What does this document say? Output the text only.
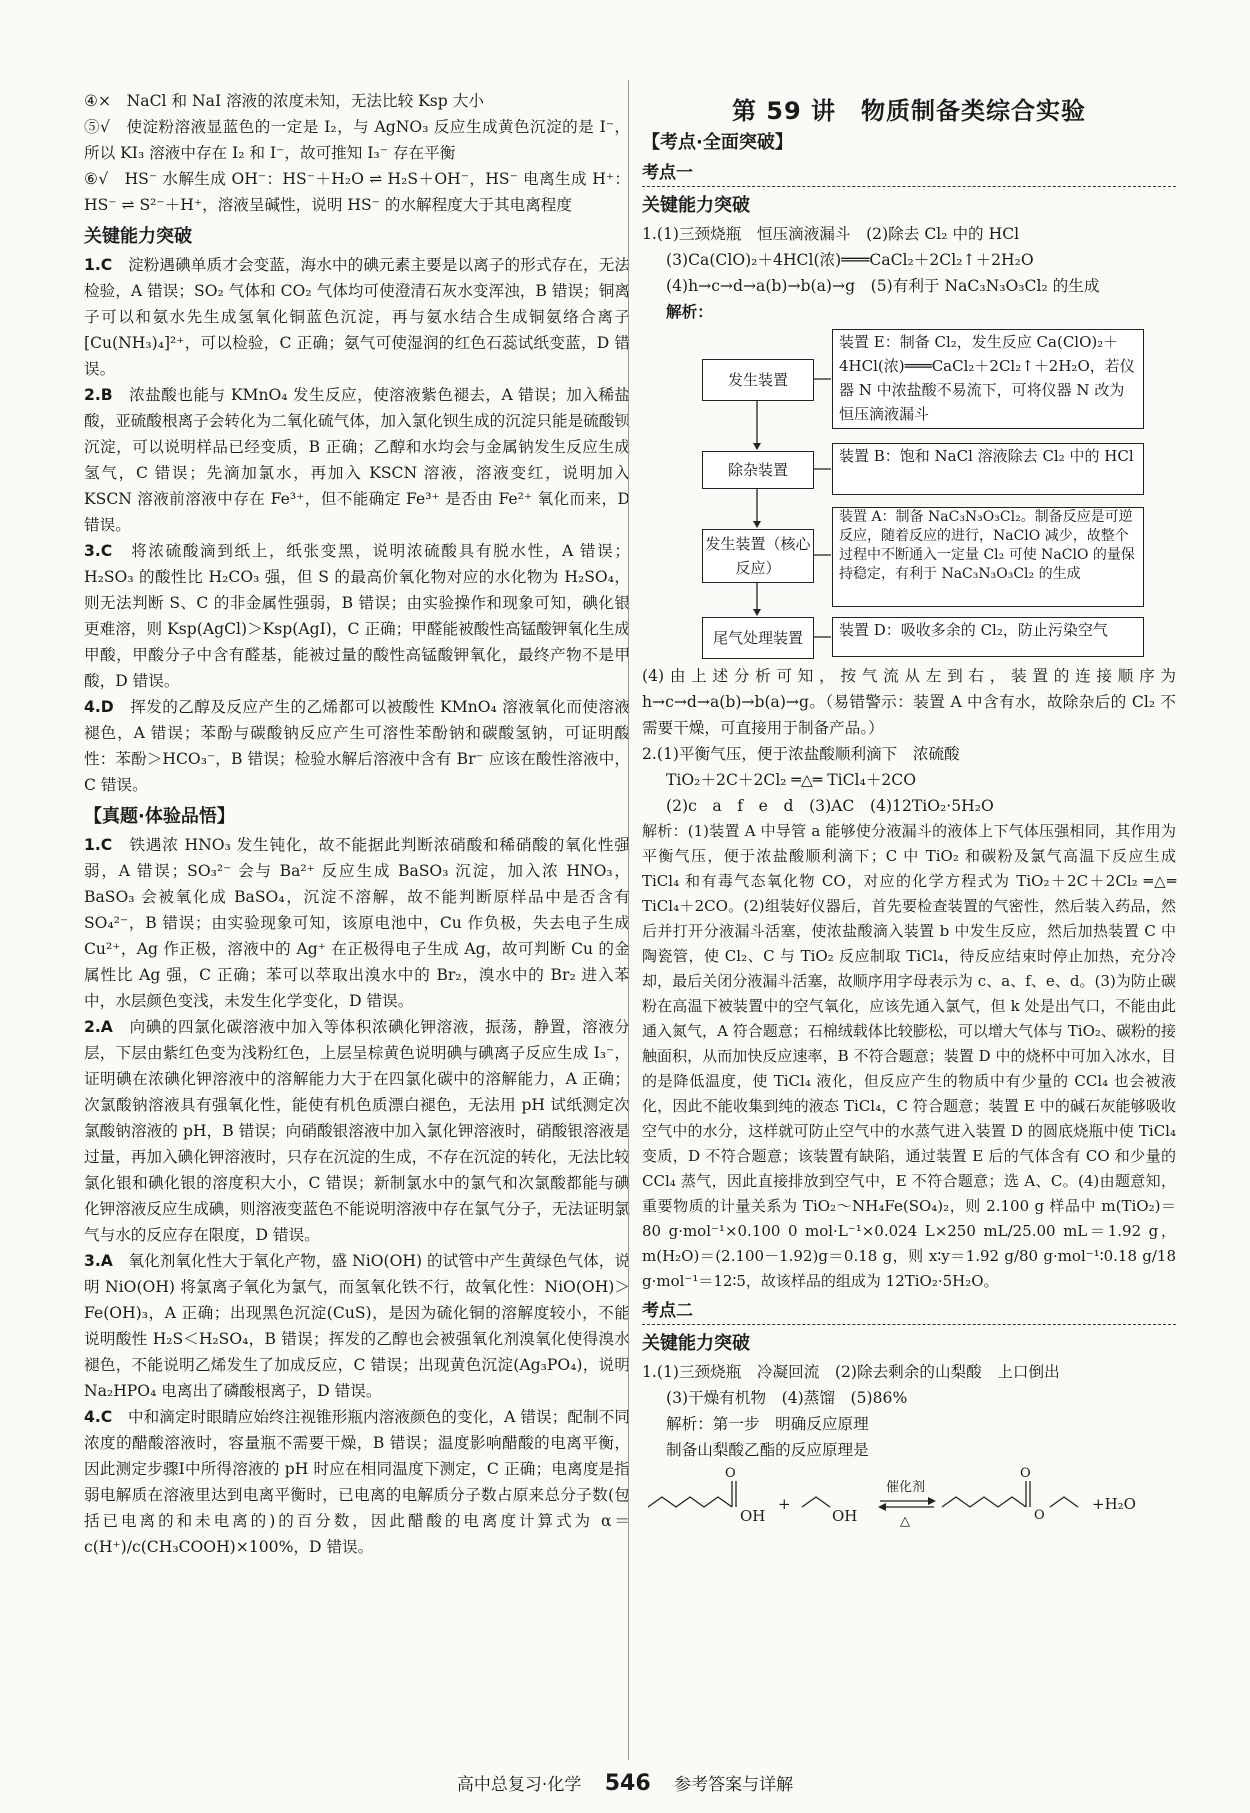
④×　NaCl 和 NaI 溶液的浓度未知，无法比较 Ksp 大小

⑤√　使淀粉溶液显蓝色的一定是 I₂，与 AgNO₃ 反应生成黄色沉淀的是 I⁻，所以 KI₃ 溶液中存在 I₂ 和 I⁻，故可推知 I₃⁻ 存在平衡

⑥√　HS⁻ 水解生成 OH⁻：HS⁻＋H₂O ⇌ H₂S＋OH⁻，HS⁻ 电离生成 H⁺：HS⁻ ⇌ S²⁻＋H⁺，溶液呈碱性，说明 HS⁻ 的水解程度大于其电离程度

关键能力突破

1.C　 淀粉遇碘单质才会变蓝，海水中的碘元素主要是以离子的形式存在，无法检验，A 错误；SO₂ 气体和 CO₂ 气体均可使澄清石灰水变浑浊，B 错误；铜离子可以和氨水先生成氢氧化铜蓝色沉淀，再与氨水结合生成铜氨络合离子[Cu(NH₃)₄]²⁺，可以检验，C 正确；氨气可使湿润的红色石蕊试纸变蓝，D 错误。

2.B　 浓盐酸也能与 KMnO₄ 发生反应，使溶液紫色褪去，A 错误；加入稀盐酸，亚硫酸根离子会转化为二氧化硫气体，加入氯化钡生成的沉淀只能是硫酸钡沉淀，可以说明样品已经变质，B 正确；乙醇和水均会与金属钠发生反应生成氢气，C 错误；先滴加氯水，再加入 KSCN 溶液，溶液变红，说明加入 KSCN 溶液前溶液中存在 Fe³⁺，但不能确定 Fe³⁺ 是否由 Fe²⁺ 氧化而来，D 错误。

3.C　 将浓硫酸滴到纸上，纸张变黑，说明浓硫酸具有脱水性，A 错误；H₂SO₃ 的酸性比 H₂CO₃ 强，但 S 的最高价氧化物对应的水化物为 H₂SO₄，则无法判断 S、C 的非金属性强弱，B 错误；由实验操作和现象可知，碘化银更难溶，则 Ksp(AgCl)＞Ksp(AgI)，C 正确；甲醛能被酸性高锰酸钾氧化生成甲酸，甲酸分子中含有醛基，能被过量的酸性高锰酸钾氧化，最终产物不是甲酸，D 错误。

4.D　 挥发的乙醇及反应产生的乙烯都可以被酸性 KMnO₄ 溶液氧化而使溶液褪色，A 错误；苯酚与碳酸钠反应产生可溶性苯酚钠和碳酸氢钠，可证明酸性：苯酚＞HCO₃⁻，B 错误；检验水解后溶液中含有 Br⁻ 应该在酸性溶液中，C 错误。

【真题·体验品悟】

1.C　 铁遇浓 HNO₃ 发生钝化，故不能据此判断浓硝酸和稀硝酸的氧化性强弱，A 错误；SO₃²⁻ 会与 Ba²⁺ 反应生成 BaSO₃ 沉淀，加入浓 HNO₃，BaSO₃ 会被氧化成 BaSO₄，沉淀不溶解，故不能判断原样品中是否含有 SO₄²⁻，B 错误；由实验现象可知，该原电池中，Cu 作负极，失去电子生成 Cu²⁺，Ag 作正极，溶液中的 Ag⁺ 在正极得电子生成 Ag，故可判断 Cu 的金属性比 Ag 强，C 正确；苯可以萃取出溴水中的 Br₂，溴水中的 Br₂ 进入苯中，水层颜色变浅，未发生化学变化，D 错误。

2.A　 向碘的四氯化碳溶液中加入等体积浓碘化钾溶液，振荡，静置，溶液分层，下层由紫红色变为浅粉红色，上层呈棕黄色说明碘与碘离子反应生成 I₃⁻，证明碘在浓碘化钾溶液中的溶解能力大于在四氯化碳中的溶解能力，A 正确；次氯酸钠溶液具有强氧化性，能使有机色质漂白褪色，无法用 pH 试纸测定次氯酸钠溶液的 pH，B 错误；向硝酸银溶液中加入氯化钾溶液时，硝酸银溶液是过量，再加入碘化钾溶液时，只存在沉淀的生成，不存在沉淀的转化，无法比较氯化银和碘化银的溶度积大小，C 错误；新制氯水中的氯气和次氯酸都能与碘化钾溶液反应生成碘，则溶液变蓝色不能说明溶液中存在氯气分子，无法证明氯气与水的反应存在限度，D 错误。

3.A　 氧化剂氧化性大于氧化产物，盛 NiO(OH) 的试管中产生黄绿色气体，说明 NiO(OH) 将氯离子氧化为氯气，而氢氧化铁不行，故氧化性：NiO(OH)＞Fe(OH)₃，A 正确；出现黑色沉淀(CuS)，是因为硫化铜的溶解度较小，不能说明酸性 H₂S＜H₂SO₄，B 错误；挥发的乙醇也会被强氧化剂溴氧化使得溴水褪色，不能说明乙烯发生了加成反应，C 错误；出现黄色沉淀(Ag₃PO₄)，说明 Na₂HPO₄ 电离出了磷酸根离子，D 错误。

4.C　 中和滴定时眼睛应始终注视锥形瓶内溶液颜色的变化，A 错误；配制不同浓度的醋酸溶液时，容量瓶不需要干燥，B 错误；温度影响醋酸的电离平衡，因此测定步骤Ⅰ中所得溶液的 pH 时应在相同温度下测定，C 正确；电离度是指弱电解质在溶液里达到电离平衡时，已电离的电解质分子数占原来总分子数(包括已电离的和未电离的)的百分数，因此醋酸的电离度计算式为 α＝c(H⁺)/c(CH₃COOH)×100%，D 错误。

第 59 讲　物质制备类综合实验
【考点·全面突破】
考点一
关键能力突破

1.(1)三颈烧瓶　恒压滴液漏斗　(2)除去 Cl₂ 中的 HCl

(3)Ca(ClO)₂＋4HCl(浓)═══CaCl₂＋2Cl₂↑＋2H₂O

(4)h→c→d→a(b)→b(a)→g　(5)有利于 NaC₃N₃O₃Cl₂ 的生成

解析：

发生装置
装置 E：制备 Cl₂，发生反应 Ca(ClO)₂＋4HCl(浓)═══CaCl₂＋2Cl₂↑＋2H₂O，若仪器 N 中浓盐酸不易流下，可将仪器 N 改为恒压滴液漏斗
除杂装置
装置 B：饱和 NaCl 溶液除去 Cl₂ 中的 HCl
发生装置（核心反应）
装置 A：制备 NaC₃N₃O₃Cl₂。制备反应是可逆反应，随着反应的进行，NaClO 减少，故整个过程中不断通入一定量 Cl₂ 可使 NaClO 的量保持稳定，有利于 NaC₃N₃O₃Cl₂ 的生成
尾气处理装置	装置 D：吸收多余的 Cl₂，防止污染空气

(4)由上述分析可知，按气流从左到右，装置的连接顺序为 h→c→d→a(b)→b(a)→g。（易错警示：装置 A 中含有水，故除杂后的 Cl₂ 不需要干燥，可直接用于制备产品。）

2.(1)平衡气压，便于浓盐酸顺利滴下　浓硫酸

TiO₂＋2C＋2Cl₂ ═△═ TiCl₄＋2CO

(2)c　a　f　e　d　(3)AC　(4)12TiO₂·5H₂O

解析：(1)装置 A 中导管 a 能够使分液漏斗的液体上下气体压强相同，其作用为平衡气压，便于浓盐酸顺利滴下；C 中 TiO₂ 和碳粉及氯气高温下反应生成 TiCl₄ 和有毒气态氧化物 CO，对应的化学方程式为 TiO₂＋2C＋2Cl₂ ═△═ TiCl₄＋2CO。(2)组装好仪器后，首先要检查装置的气密性，然后装入药品，然后并打开分液漏斗活塞，使浓盐酸滴入装置 b 中发生反应，然后加热装置 C 中陶瓷管，使 Cl₂、C 与 TiO₂ 反应制取 TiCl₄，待反应结束时停止加热，充分冷却，最后关闭分液漏斗活塞，故顺序用字母表示为 c、a、f、e、d。(3)为防止碳粉在高温下被装置中的空气氧化，应该先通入氯气，但 k 处是出气口，不能由此通入氮气，A 符合题意；石棉绒载体比较膨松，可以增大气体与 TiO₂、碳粉的接触面积，从而加快反应速率，B 不符合题意；装置 D 中的烧杯中可加入冰水，目的是降低温度，使 TiCl₄ 液化，但反应产生的物质中有少量的 CCl₄ 也会被液化，因此不能收集到纯的液态 TiCl₄，C 符合题意；装置 E 中的碱石灰能够吸收空气中的水分，这样就可防止空气中的水蒸气进入装置 D 的圆底烧瓶中使 TiCl₄ 变质，D 不符合题意；该装置有缺陷，通过装置 E 后的气体含有 CO 和少量的 CCl₄ 蒸气，因此直接排放到空气中，E 不符合题意；选 A、C。(4)由题意知，重要物质的计量关系为 TiO₂～NH₄Fe(SO₄)₂，则 2.100 g 样品中 m(TiO₂)＝80 g·mol⁻¹×0.100 0 mol·L⁻¹×0.024 L×250 mL/25.00 mL＝1.92 g，m(H₂O)＝(2.100－1.92)g＝0.18 g，则 x∶y＝1.92 g/80 g·mol⁻¹∶0.18 g/18 g·mol⁻¹＝12∶5，故该样品的组成为 12TiO₂·5H₂O。

考点二
关键能力突破

1.(1)三颈烧瓶　冷凝回流　(2)除去剩余的山梨酸　上口倒出

(3)干燥有机物　(4)蒸馏　(5)86%

解析：第一步　明确反应原理

制备山梨酸乙酯的反应原理是

O
OH
+
OH
催化剂
△
O
O
+H₂O
高中总复习·化学 546 参考答案与详解
